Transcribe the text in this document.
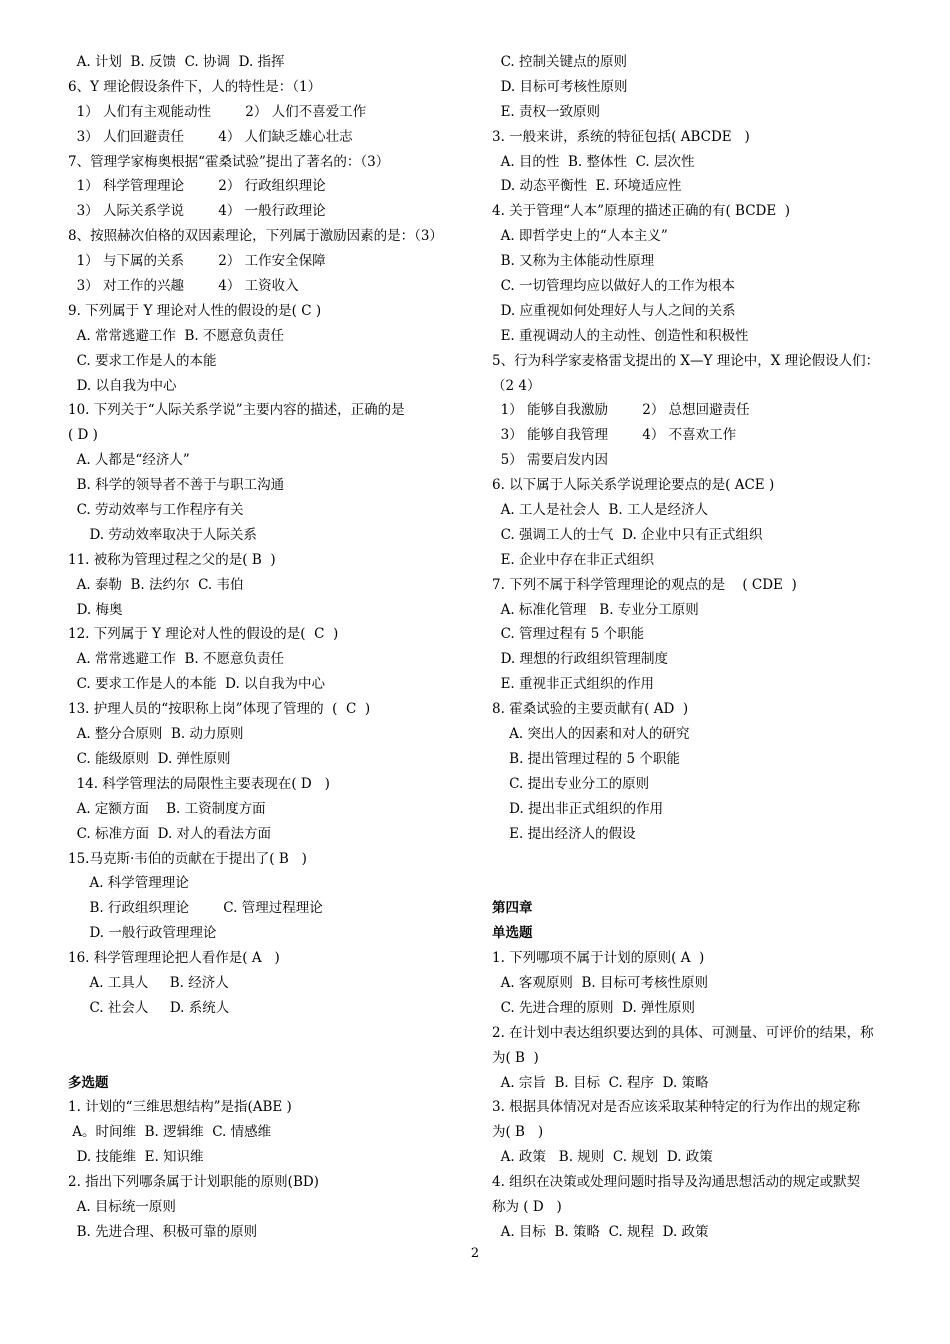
A. 计划  B. 反馈  C. 协调  D. 指挥
6、Y 理论假设条件下，人的特性是：（1）
1） 人们有主观能动性        2） 人们不喜爱工作
3） 人们回避责任        4） 人们缺乏雄心壮志
7、管理学家梅奥根据“霍桑试验”提出了著名的：（3）
1） 科学管理理论        2） 行政组织理论
3） 人际关系学说        4） 一般行政理论
8、按照赫次伯格的双因素理论，下列属于激励因素的是：（3）
1） 与下属的关系        2） 工作安全保障
3） 对工作的兴趣        4） 工资收入
9. 下列属于 Y 理论对人性的假设的是( C )
A. 常常逃避工作  B. 不愿意负责任
C. 要求工作是人的本能
D. 以自我为中心
10. 下列关于“人际关系学说”主要内容的描述，正确的是
( D )
A. 人都是“经济人”
B. 科学的领导者不善于与职工沟通
C. 劳动效率与工作程序有关
D. 劳动效率取决于人际关系
11. 被称为管理过程之父的是( B  )
A. 泰勒  B. 法约尔  C. 韦伯
D. 梅奥
12. 下列属于 Y 理论对人性的假设的是(  C  )
A. 常常逃避工作  B. 不愿意负责任
C. 要求工作是人的本能  D. 以自我为中心
13. 护理人员的“按职称上岗”体现了管理的  (  C  )
A. 整分合原则  B. 动力原则
C. 能级原则  D. 弹性原则
14. 科学管理法的局限性主要表现在( D   )
A. 定额方面    B. 工资制度方面
C. 标准方面  D. 对人的看法方面
15.马克斯·韦伯的贡献在于提出了( B   )
A. 科学管理理论
B. 行政组织理论        C. 管理过程理论
D. 一般行政管理理论
16. 科学管理理论把人看作是( A   )
A. 工具人     B. 经济人
C. 社会人     D. 系统人
多选题
1. 计划的“三维思想结构”是指(ABE )
A。时间维  B. 逻辑维  C. 情感维
D. 技能维  E. 知识维
2. 指出下列哪条属于计划职能的原则(BD)
A. 目标统一原则
B. 先进合理、积极可靠的原则
C. 控制关键点的原则
D. 目标可考核性原则
E. 责权一致原则
3. 一般来讲，系统的特征包括( ABCDE   )
A. 目的性  B. 整体性  C. 层次性
D. 动态平衡性  E. 环境适应性
4. 关于管理“人本”原理的描述正确的有( BCDE  )
A. 即哲学史上的“人本主义”
B. 又称为主体能动性原理
C. 一切管理均应以做好人的工作为根本
D. 应重视如何处理好人与人之间的关系
E. 重视调动人的主动性、创造性和积极性
5、行为科学家麦格雷戈提出的 X—Y 理论中，X 理论假设人们：
（2 4）
1） 能够自我激励        2） 总想回避责任
3） 能够自我管理        4） 不喜欢工作
5） 需要启发内因
6. 以下属于人际关系学说理论要点的是( ACE )
A. 工人是社会人  B. 工人是经济人
C. 强调工人的士气  D. 企业中只有正式组织
E. 企业中存在非正式组织
7. 下列不属于科学管理理论的观点的是    ( CDE  )
A. 标准化管理   B. 专业分工原则
C. 管理过程有 5 个职能
D. 理想的行政组织管理制度
E. 重视非正式组织的作用
8. 霍桑试验的主要贡献有( AD  )
A. 突出人的因素和对人的研究
B. 提出管理过程的 5 个职能
C. 提出专业分工的原则
D. 提出非正式组织的作用
E. 提出经济人的假设
第四章
单选题
1. 下列哪项不属于计划的原则( A  )
A. 客观原则  B. 目标可考核性原则
C. 先进合理的原则  D. 弹性原则
2. 在计划中表达组织要达到的具体、可测量、可评价的结果，称
为( B  )
A. 宗旨  B. 目标  C. 程序  D. 策略
3. 根据具体情况对是否应该采取某种特定的行为作出的规定称
为( B   )
A. 政策   B. 规则  C. 规划  D. 政策
4. 组织在决策或处理问题时指导及沟通思想活动的规定或默契
称为 ( D   )
A. 目标  B. 策略  C. 规程  D. 政策
2
